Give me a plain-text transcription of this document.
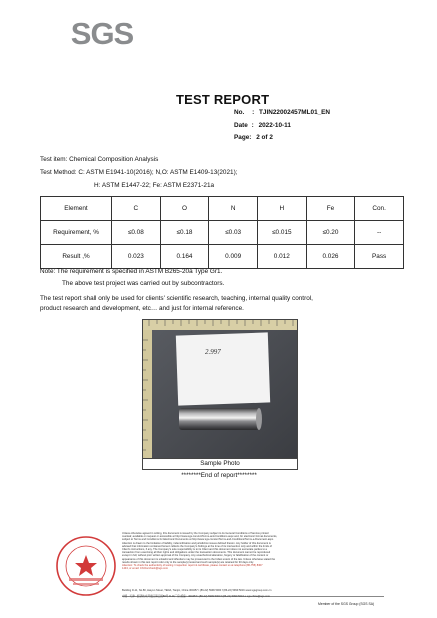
SGS
TEST REPORT
No. : TJIN22002457ML01_EN
Date : 2022-10-11
Page: 2 of 2
Test item: Chemical Composition Analysis
Test Method: C: ASTM E1941-10(2016); N,O: ASTM E1409-13(2021);
H: ASTM E1447-22; Fe: ASTM E2371-21a
Element	C	O	N	H	Fe	Con.
Requirement, %	≤0.08	≤0.18	≤0.03	≤0.015	≤0.20	--
Result ,%	0.023	0.164	0.009	0.012	0.026	Pass
Note: The requirement is specified in ASTM B265-20a Type Gr1.
The above test project was carried out by subcontractors.
The test report shall only be used for clients' scientific research, teaching, internal quality control,
product research and development, etc… and just for internal reference.
2.997
Sample Photo
********End of report********
Unless otherwise agreed in writing, this document is issued by the Company subject to its General Conditions of Service printed
overleaf, available on request or accessible at http://www.sgs.com/en/Terms-and-Conditions.aspx and, for electronic format documents,
subject to Terms and Conditions for Electronic Documents at http://www.sgs.com/en/Terms-and-Conditions/Terms-e-Document.aspx.
Attention is drawn to the limitation of liability, indemnification and jurisdiction issues defined therein. Any holder of this document is
advised that information contained hereon reflects the Company's findings at the time of its intervention only and within the limits of
Client's instructions, if any. The Company's sole responsibility is to its Client and this document does not exonerate parties to a
transaction from exercising all their rights and obligations under the transaction documents. This document cannot be reproduced
except in full, without prior written approval of the Company. Any unauthorized alteration, forgery or falsification of the content or
appearance of this document is unlawful and offenders may be prosecuted to the fullest extent of the law. Unless otherwise stated the
results shown in this test report refer only to the sample(s) tested and such sample(s) are retained for 30 days only.
Attention: To check the authenticity of testing / inspection report & certificate, please contact us at telephone:(86-755) 8307
1443, or email: CN.Doccheck@sgs.com
Building D-11, No.80, Haiyun Street, TEDA, Tianjin, China 300457 t (86-22) 5999 5000 f (86-22) 5999 5016 www.sgsgroup.com.cn
中国 · 天津 · 经济技术开发区海云街80号 D-11厂房 邮编：300457 t (86-22) 5999 5000 f (86-22) 5999 5016 e sgs.china@sgs.com
Member of the SGS Group (SGS SA)
